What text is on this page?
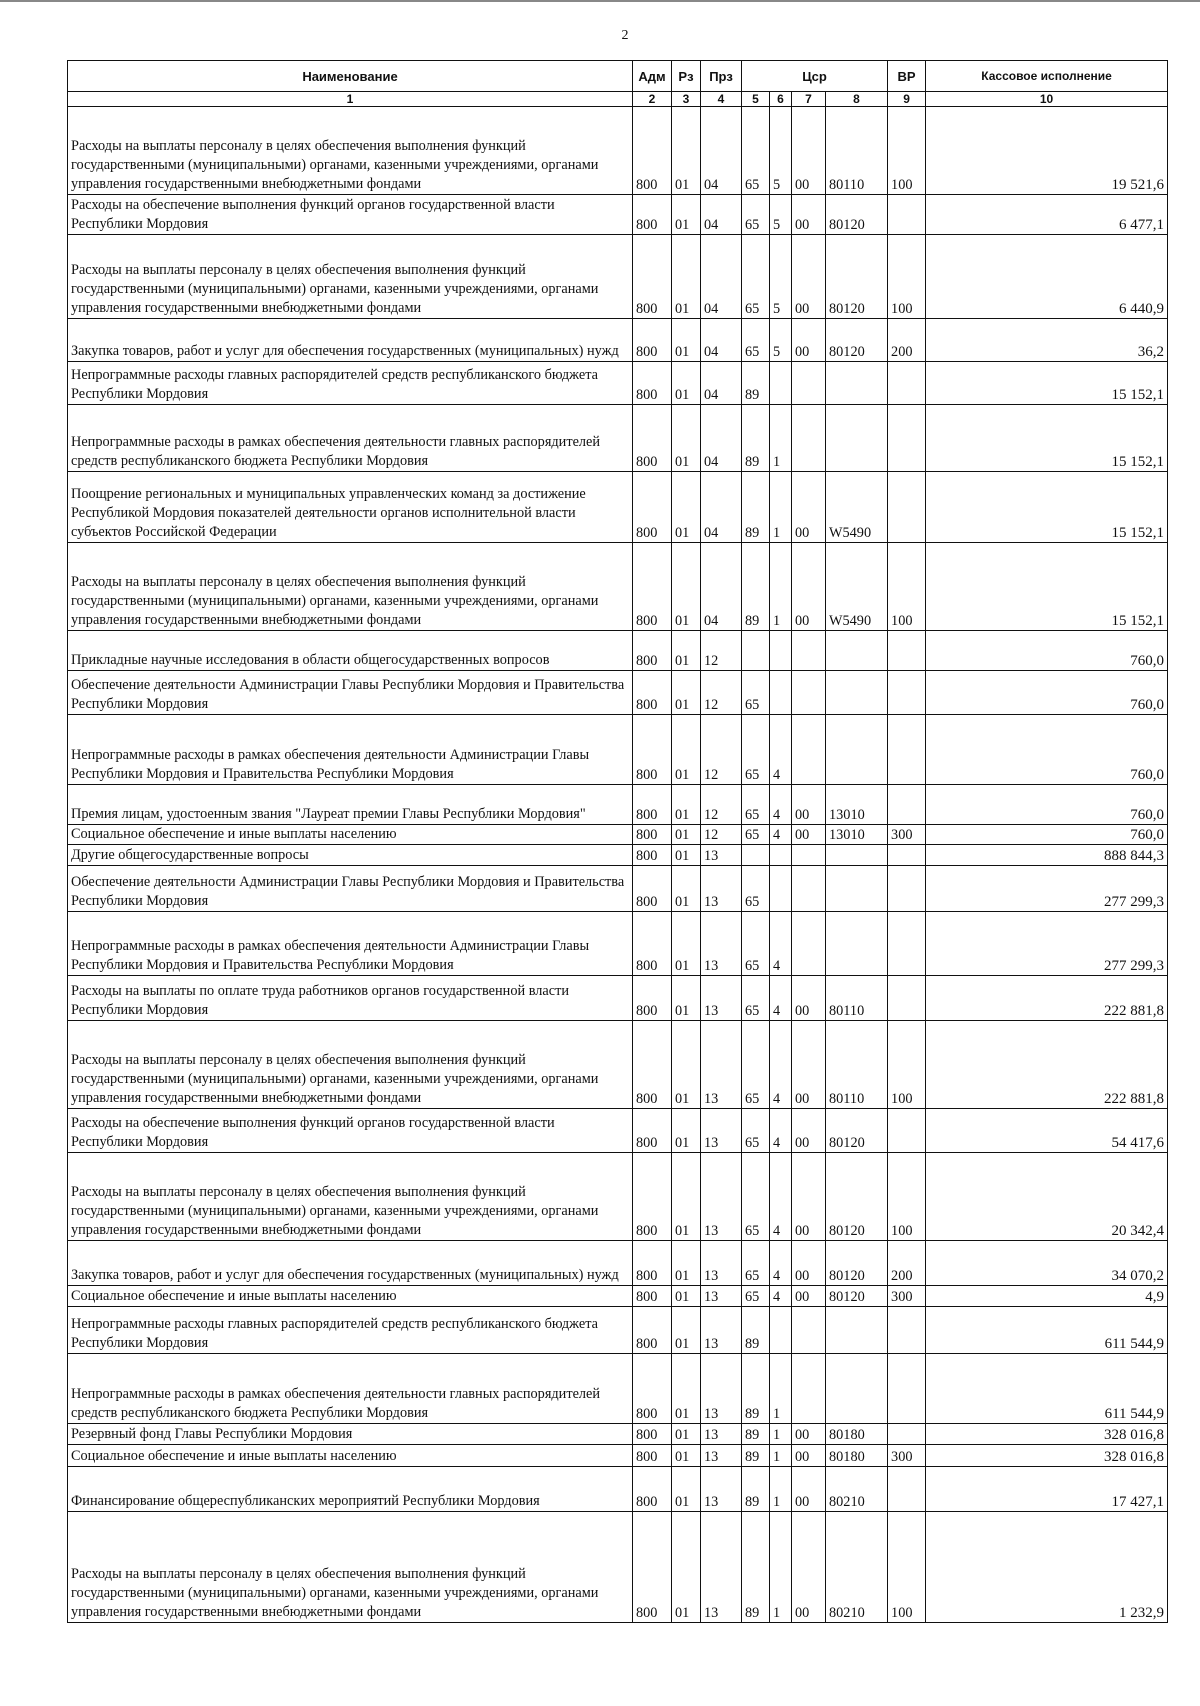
2
Наименование	Адм	Рз	Прз	Цср				ВР	Кассовое исполнение
1	2	3	4	5	6	7	8	9	10
Расходы на выплаты персоналу в целях обеспечения выполнения функций государственными (муниципальными) органами, казенными учреждениями, органами управления государственными внебюджетными фондами	800	01	04	65	5	00	80110	100	19 521,6
Расходы на обеспечение выполнения функций органов государственной власти Республики Мордовия	800	01	04	65	5	00	80120		6 477,1
Расходы на выплаты персоналу в целях обеспечения выполнения функций государственными (муниципальными) органами, казенными учреждениями, органами управления государственными внебюджетными фондами	800	01	04	65	5	00	80120	100	6 440,9
Закупка товаров, работ и услуг для обеспечения государственных (муниципальных) нужд	800	01	04	65	5	00	80120	200	36,2
Непрограммные расходы главных распорядителей средств республиканского бюджета Республики Мордовия	800	01	04	89					15 152,1
Непрограммные расходы в рамках обеспечения деятельности главных распорядителей средств республиканского бюджета Республики Мордовия	800	01	04	89	1				15 152,1
Поощрение региональных и муниципальных управленческих команд за достижение Республикой Мордовия показателей деятельности органов исполнительной власти субъектов Российской Федерации	800	01	04	89	1	00	W5490		15 152,1
Расходы на выплаты персоналу в целях обеспечения выполнения функций государственными (муниципальными) органами, казенными учреждениями, органами управления государственными внебюджетными фондами	800	01	04	89	1	00	W5490	100	15 152,1
Прикладные научные исследования в области общегосударственных вопросов	800	01	12						760,0
Обеспечение деятельности Администрации Главы Республики Мордовия и Правительства Республики Мордовия	800	01	12	65					760,0
Непрограммные расходы в рамках обеспечения деятельности Администрации Главы Республики Мордовия и Правительства Республики Мордовия	800	01	12	65	4				760,0
Премия лицам, удостоенным звания "Лауреат премии Главы Республики Мордовия"	800	01	12	65	4	00	13010		760,0
Социальное обеспечение и иные выплаты населению	800	01	12	65	4	00	13010	300	760,0
Другие общегосударственные вопросы	800	01	13						888 844,3
Обеспечение деятельности Администрации Главы Республики Мордовия и Правительства Республики Мордовия	800	01	13	65					277 299,3
Непрограммные расходы в рамках обеспечения деятельности Администрации Главы Республики Мордовия и Правительства Республики Мордовия	800	01	13	65	4				277 299,3
Расходы на выплаты по оплате труда работников органов государственной власти Республики Мордовия	800	01	13	65	4	00	80110		222 881,8
Расходы на выплаты персоналу в целях обеспечения выполнения функций государственными (муниципальными) органами, казенными учреждениями, органами управления государственными внебюджетными фондами	800	01	13	65	4	00	80110	100	222 881,8
Расходы на обеспечение выполнения функций органов государственной власти Республики Мордовия	800	01	13	65	4	00	80120		54 417,6
Расходы на выплаты персоналу в целях обеспечения выполнения функций государственными (муниципальными) органами, казенными учреждениями, органами управления государственными внебюджетными фондами	800	01	13	65	4	00	80120	100	20 342,4
Закупка товаров, работ и услуг для обеспечения государственных (муниципальных) нужд	800	01	13	65	4	00	80120	200	34 070,2
Социальное обеспечение и иные выплаты населению	800	01	13	65	4	00	80120	300	4,9
Непрограммные расходы главных распорядителей средств республиканского бюджета Республики Мордовия	800	01	13	89					611 544,9
Непрограммные расходы в рамках обеспечения деятельности главных распорядителей средств республиканского бюджета Республики Мордовия	800	01	13	89	1				611 544,9
Резервный фонд Главы Республики Мордовия	800	01	13	89	1	00	80180		328 016,8
Социальное обеспечение и иные выплаты населению	800	01	13	89	1	00	80180	300	328 016,8
Финансирование общереспубликанских мероприятий Республики Мордовия	800	01	13	89	1	00	80210		17 427,1
Расходы на выплаты персоналу в целях обеспечения выполнения функций государственными (муниципальными) органами, казенными учреждениями, органами управления государственными внебюджетными фондами	800	01	13	89	1	00	80210	100	1 232,9
